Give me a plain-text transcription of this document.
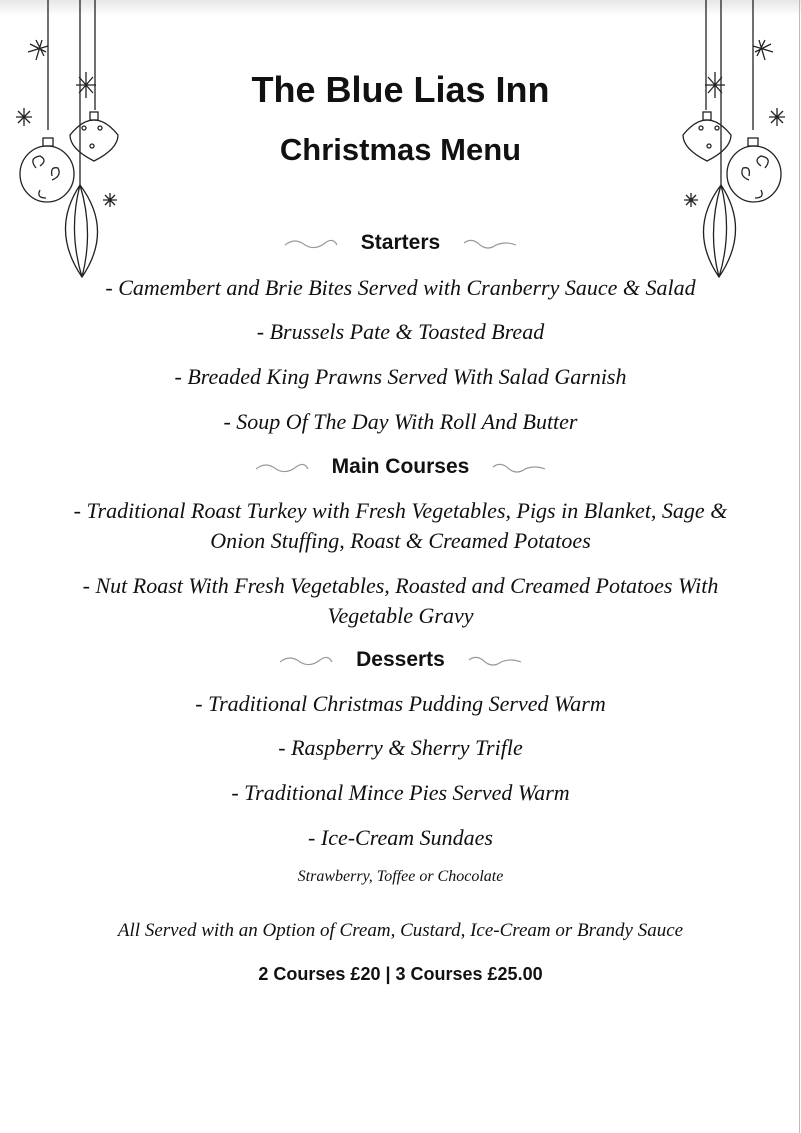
The Blue Lias Inn
Christmas Menu
Starters
- Camembert and Brie Bites Served with Cranberry Sauce & Salad
- Brussels Pate & Toasted Bread
- Breaded King Prawns Served With Salad Garnish
- Soup Of The Day With Roll And Butter
Main Courses
- Traditional Roast Turkey with Fresh Vegetables, Pigs in Blanket, Sage &
Onion Stuffing, Roast & Creamed Potatoes
- Nut Roast With Fresh Vegetables, Roasted and Creamed Potatoes With
Vegetable Gravy
Desserts
- Traditional Christmas Pudding Served Warm
- Raspberry & Sherry Trifle
- Traditional Mince Pies Served Warm
- Ice-Cream Sundaes
Strawberry, Toffee or Chocolate
All Served with an Option of Cream, Custard, Ice-Cream or Brandy Sauce
2 Courses £20 | 3 Courses £25.00
